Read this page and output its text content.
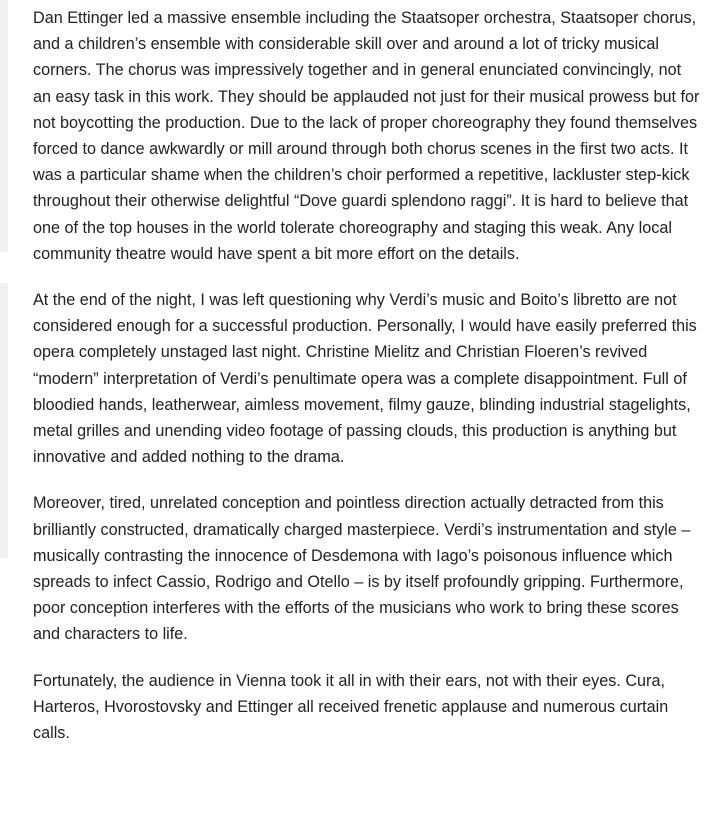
Dan Ettinger led a massive ensemble including the Staatsoper orchestra, Staatsoper chorus, and a children’s ensemble with considerable skill over and around a lot of tricky musical corners. The chorus was impressively together and in general enunciated convincingly, not an easy task in this work. They should be applauded not just for their musical prowess but for not boycotting the production. Due to the lack of proper choreography they found themselves forced to dance awkwardly or mill around through both chorus scenes in the first two acts. It was a particular shame when the children’s choir performed a repetitive, lackluster step-kick throughout their otherwise delightful “Dove guardi splendono raggi”. It is hard to believe that one of the top houses in the world tolerate choreography and staging this weak. Any local community theatre would have spent a bit more effort on the details.

At the end of the night, I was left questioning why Verdi’s music and Boito’s libretto are not considered enough for a successful production. Personally, I would have easily preferred this opera completely unstaged last night. Christine Mielitz and Christian Floeren’s revived “modern” interpretation of Verdi’s penultimate opera was a complete disappointment. Full of bloodied hands, leatherwear, aimless movement, filmy gauze, blinding industrial stagelights, metal grilles and unending video footage of passing clouds, this production is anything but innovative and added nothing to the drama.

Moreover, tired, unrelated conception and pointless direction actually detracted from this brilliantly constructed, dramatically charged masterpiece. Verdi’s instrumentation and style – musically contrasting the innocence of Desdemona with Iago’s poisonous influence which spreads to infect Cassio, Rodrigo and Otello – is by itself profoundly gripping. Furthermore, poor conception interferes with the efforts of the musicians who work to bring these scores and characters to life.

Fortunately, the audience in Vienna took it all in with their ears, not with their eyes. Cura, Harteros, Hvorostovsky and Ettinger all received frenetic applause and numerous curtain calls.
